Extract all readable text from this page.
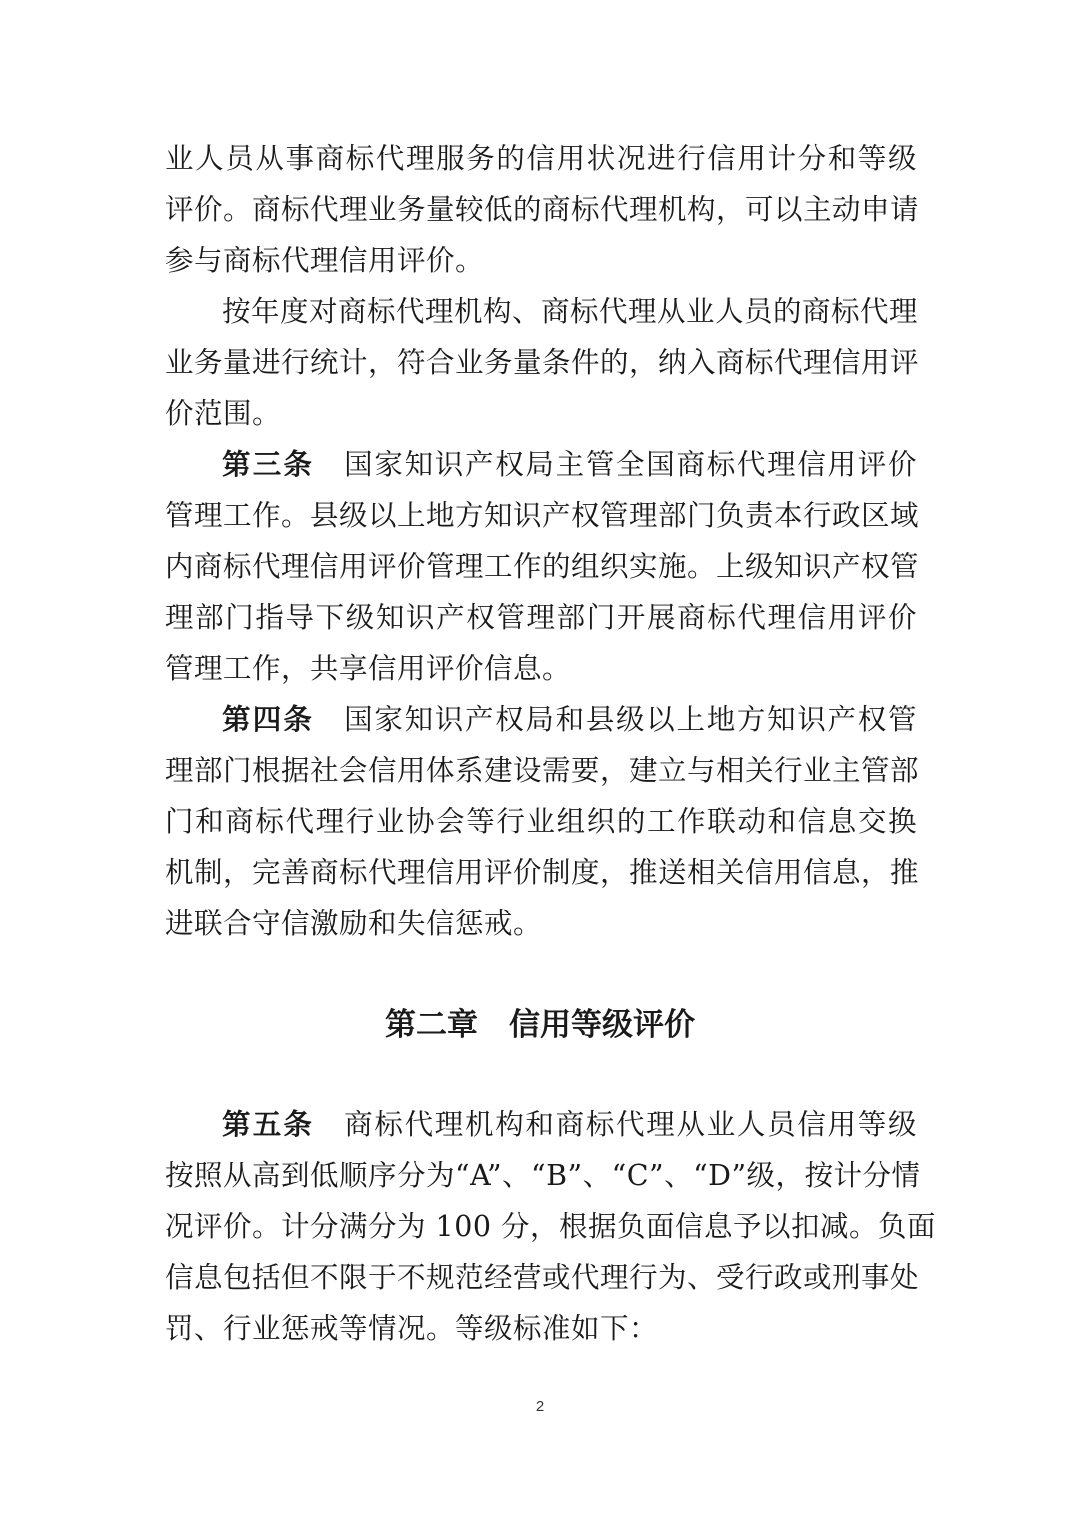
业人员从事商标代理服务的信用状况进行信用计分和等级
评价。商标代理业务量较低的商标代理机构，可以主动申请
参与商标代理信用评价。
按年度对商标代理机构、商标代理从业人员的商标代理
业务量进行统计，符合业务量条件的，纳入商标代理信用评
价范围。
第三条 国家知识产权局主管全国商标代理信用评价
管理工作。县级以上地方知识产权管理部门负责本行政区域
内商标代理信用评价管理工作的组织实施。上级知识产权管
理部门指导下级知识产权管理部门开展商标代理信用评价
管理工作，共享信用评价信息。
第四条 国家知识产权局和县级以上地方知识产权管
理部门根据社会信用体系建设需要，建立与相关行业主管部
门和商标代理行业协会等行业组织的工作联动和信息交换
机制，完善商标代理信用评价制度，推送相关信用信息，推
进联合守信激励和失信惩戒。
第二章　信用等级评价
第五条 商标代理机构和商标代理从业人员信用等级
按照从高到低顺序分为“A”、“B”、“C”、“D”级，按计分情
况评价。计分满分为 100 分，根据负面信息予以扣减。负面
信息包括但不限于不规范经营或代理行为、受行政或刑事处
罚、行业惩戒等情况。等级标准如下：
2
